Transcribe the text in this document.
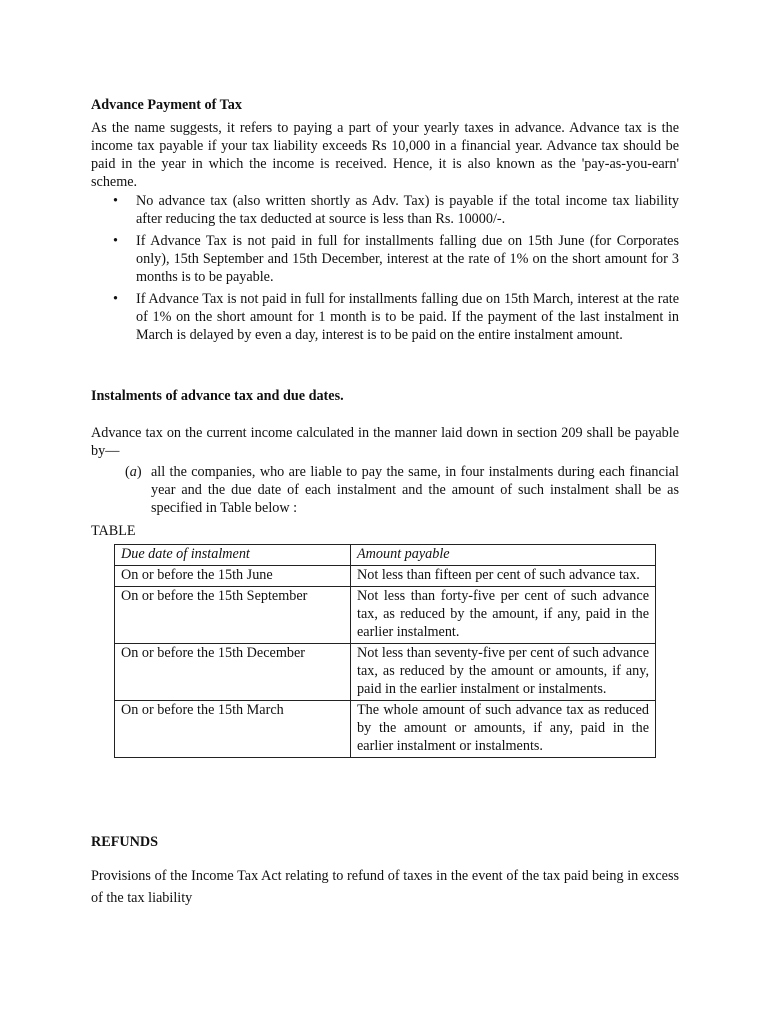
Advance Payment of Tax

As the name suggests, it refers to paying a part of your yearly taxes in advance. Advance tax is the income tax payable if your tax liability exceeds Rs 10,000 in a financial year. Advance tax should be paid in the year in which the income is received. Hence, it is also known as the 'pay-as-you-earn' scheme.

• No advance tax (also written shortly as Adv. Tax) is payable if the total income tax liability after reducing the tax deducted at source is less than Rs. 10000/-.
• If Advance Tax is not paid in full for installments falling due on 15th June (for Corporates only), 15th September and 15th December, interest at the rate of 1% on the short amount for 3 months is to be payable.
• If Advance Tax is not paid in full for installments falling due on 15th March, interest at the rate of 1% on the short amount for 1 month is to be paid. If the payment of the last instalment in March is delayed by even a day, interest is to be paid on the entire instalment amount.

Instalments of advance tax and due dates.

Advance tax on the current income calculated in the manner laid down in section 209 shall be payable by—

(a) all the companies, who are liable to pay the same, in four instalments during each financial year and the due date of each instalment and the amount of such instalment shall be as specified in Table below :

TABLE

Due date of instalment	Amount payable
On or before the 15th June	Not less than fifteen per cent of such advance tax.
On or before the 15th September	Not less than forty-five per cent of such advance tax, as reduced by the amount, if any, paid in the earlier instalment.
On or before the 15th December	Not less than seventy-five per cent of such advance tax, as reduced by the amount or amounts, if any, paid in the earlier instalment or instalments.
On or before the 15th March	The whole amount of such advance tax as reduced by the amount or amounts, if any, paid in the earlier instalment or instalments.

REFUNDS

Provisions of the Income Tax Act relating to refund of taxes in the event of the tax paid being in excess of the tax liability
